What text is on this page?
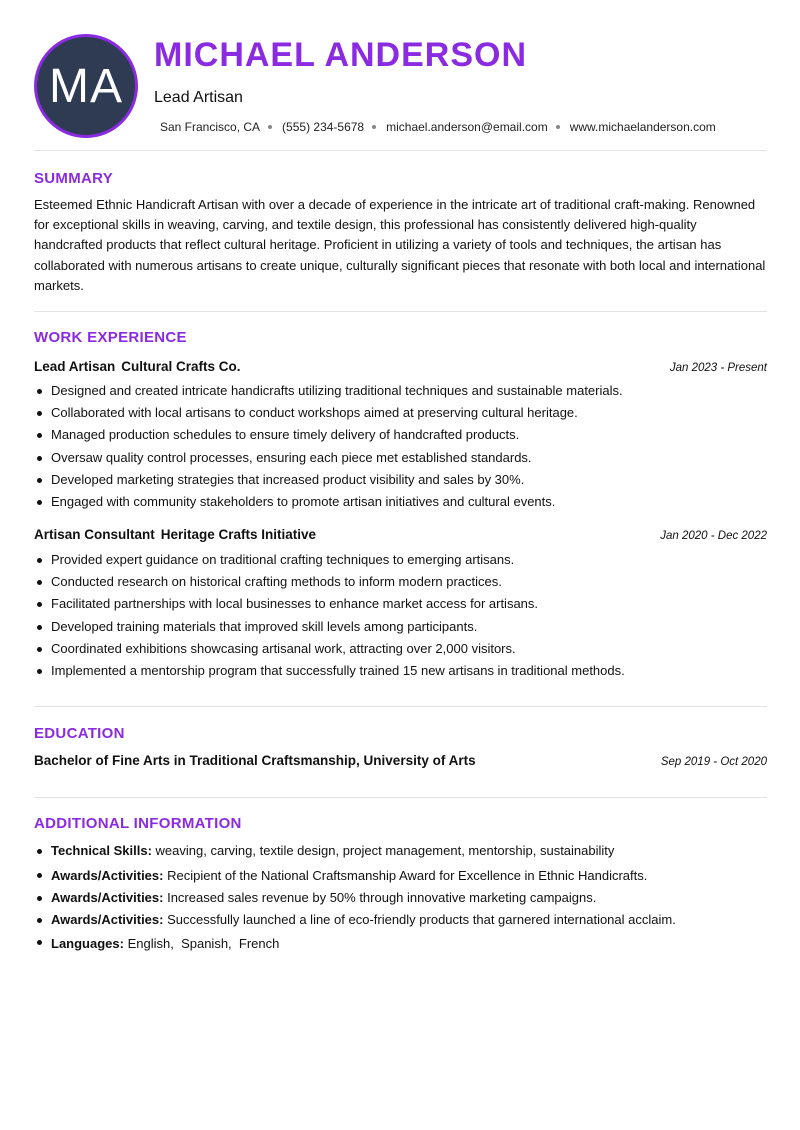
MA
MICHAEL ANDERSON
Lead Artisan
San Francisco, CA (555) 234-5678 michael.anderson@email.com www.michaelanderson.com
SUMMARY
Esteemed Ethnic Handicraft Artisan with over a decade of experience in the intricate art of traditional craft-making. Renowned for exceptional skills in weaving, carving, and textile design, this professional has consistently delivered high-quality handcrafted products that reflect cultural heritage. Proficient in utilizing a variety of tools and techniques, the artisan has collaborated with numerous artisans to create unique, culturally significant pieces that resonate with both local and international markets.
WORK EXPERIENCE
Lead Artisan Cultural Crafts Co.	Jan 2023 - Present
Designed and created intricate handicrafts utilizing traditional techniques and sustainable materials.
Collaborated with local artisans to conduct workshops aimed at preserving cultural heritage.
Managed production schedules to ensure timely delivery of handcrafted products.
Oversaw quality control processes, ensuring each piece met established standards.
Developed marketing strategies that increased product visibility and sales by 30%.
Engaged with community stakeholders to promote artisan initiatives and cultural events.
Artisan Consultant Heritage Crafts Initiative	Jan 2020 - Dec 2022
Provided expert guidance on traditional crafting techniques to emerging artisans.
Conducted research on historical crafting methods to inform modern practices.
Facilitated partnerships with local businesses to enhance market access for artisans.
Developed training materials that improved skill levels among participants.
Coordinated exhibitions showcasing artisanal work, attracting over 2,000 visitors.
Implemented a mentorship program that successfully trained 15 new artisans in traditional methods.
EDUCATION
Bachelor of Fine Arts in Traditional Craftsmanship, University of Arts	Sep 2019 - Oct 2020
ADDITIONAL INFORMATION
Technical Skills: weaving, carving, textile design, project management, mentorship, sustainability
Awards/Activities: Recipient of the National Craftsmanship Award for Excellence in Ethnic Handicrafts.
Awards/Activities: Increased sales revenue by 50% through innovative marketing campaigns.
Awards/Activities: Successfully launched a line of eco-friendly products that garnered international acclaim.
Languages: English,  Spanish,  French
